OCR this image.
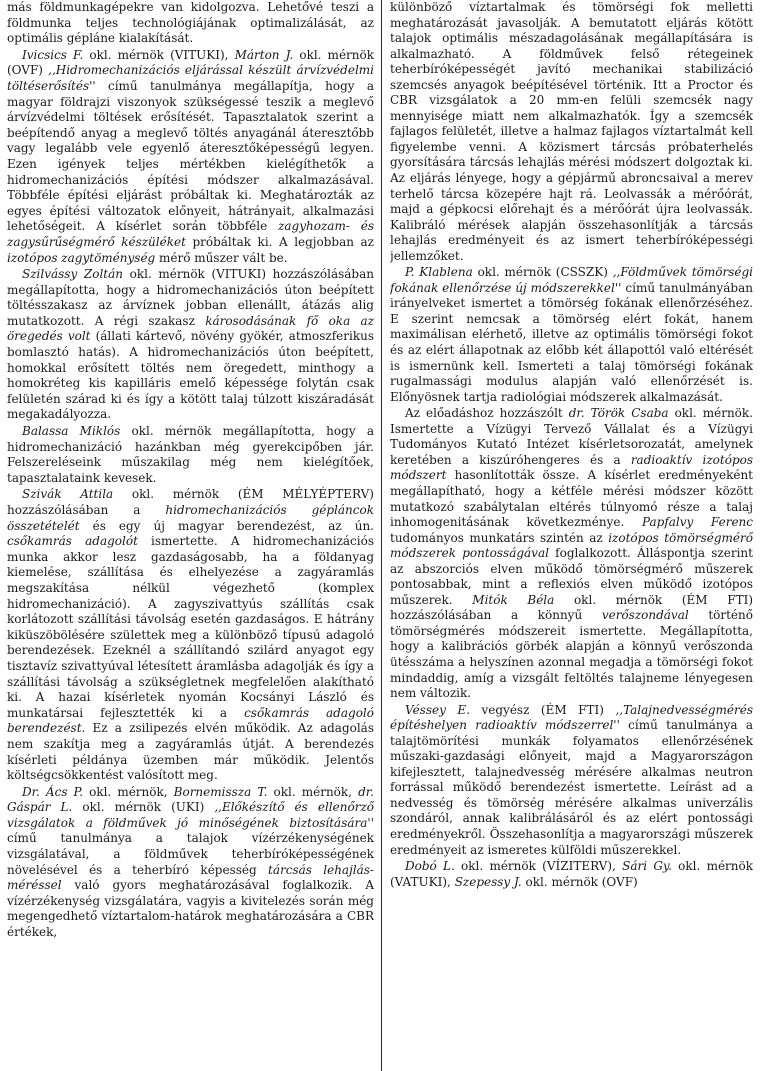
más földmunkagépekre van kidolgozva. Lehetővé teszi a földmunka teljes technológiájának optimalizálását, az optimális gépláne kialakítását.

Ivicsics F. okl. mérnök (VITUKI), Márton J. okl. mérnök (OVF) ,,Hidromechanizációs eljárással készült árvízvédelmi töltéserősítés'' című tanulmánya megállapítja, hogy a magyar földrajzi viszonyok szükségessé teszik a meglevő árvízvédelmi töltések erősítését. Tapasztalatok szerint a beépítendő anyag a meglevő töltés anyagánál áteresztőbb vagy legalább vele egyenlő áteresztőképességű legyen. Ezen igények teljes mértékben kielégíthetők a hidromechanizációs építési módszer alkalmazásával. Többféle építési eljárást próbáltak ki. Meghatározták az egyes építési változatok előnyeit, hátrányait, alkalmazási lehetőségeit. A kísérlet során többféle zagyhozam- és zagysűrűségmérő készüléket próbáltak ki. A legjobban az izotópos zagytöménység mérő műszer vált be.

Szilvássy Zoltán okl. mérnök (VITUKI) hozzászólásában megállapította, hogy a hidromechanizációs úton beépített töltésszakasz az árvíznek jobban ellenállt, átázás alig mutatkozott. A régi szakasz károsodásának fő oka az öregedés volt (állati kártevő, növény gyökér, atmoszferikus bomlasztó hatás). A hidromechanizációs úton beépített, homokkal erősített töltés nem öregedett, minthogy a homokréteg kis kapilláris emelő képessége folytán csak felületén szárad ki és így a kötött talaj túlzott kiszáradását megakadályozza.

Balassa Miklós okl. mérnök megállapította, hogy a hidromechanizáció hazánkban még gyerekcipőben jár. Felszereléseink műszakilag még nem kielégítőek, tapasztalataink kevesek.

Szivák Attila okl. mérnök (ÉM MÉLYÉPTERV) hozzászólásában a hidromechanizációs gépláncok összetételét és egy új magyar berendezést, az ún. csőkamrás adagolót ismertette. A hidromechanizációs munka akkor lesz gazdaságosabb, ha a földanyag kiemelése, szállítása és elhelyezése a zagyáramlás megszakítása nélkül végezhető (komplex hidromechanizáció). A zagyszivattyús szállítás csak korlátozott szállítási távolság esetén gazdaságos. E hátrány kiküszöbölésére születtek meg a különböző típusú adagoló berendezések. Ezeknél a szállítandó szilárd anyagot egy tisztavíz szivattyúval létesített áramlásba adagolják és így a szállítási távolság a szükségletnek megfelelően alakítható ki. A hazai kísérletek nyomán Kocsányi László és munkatársai fejlesztették ki a csőkamrás adagoló berendezést. Ez a zsilipezés elvén működik. Az adagolás nem szakítja meg a zagyáramlás útját. A berendezés kísérleti példánya üzemben már működik. Jelentős költségcsökkentést valósított meg.

Dr. Ács P. okl. mérnök, Bornemissza T. okl. mérnök, dr. Gáspár L. okl. mérnök (UKI) ,,Előkészítő és ellenőrző vizsgálatok a földművek jó minőségének biztosítására'' című tanulmánya a talajok vízérzékenységének vizsgálatával, a földművek teherbíróképességének növelésével és a teherbíró képesség tárcsás lehajlás-méréssel való gyors meghatározásával foglalkozik. A vízérzékenység vizsgálatára, vagyis a kivitelezés során még megengedhető víztartalom-határok meghatározására a CBR értékek,

különböző víztartalmak és tömörségi fok melletti meghatározását javasolják. A bemutatott eljárás kötött talajok optimális mészadagolásának megállapítására is alkalmazható. A földművek felső rétegeinek teherbíróképességét javító mechanikai stabilizáció szemcsés anyagok beépítésével történik. Itt a Proctor és CBR vizsgálatok a 20 mm-en felüli szemcsék nagy mennyisége miatt nem alkalmazhatók. Így a szemcsék fajlagos felületét, illetve a halmaz fajlagos víztartalmát kell figyelembe venni. A közismert tárcsás próbaterhelés gyorsítására tárcsás lehajlás mérési módszert dolgoztak ki. Az eljárás lényege, hogy a gépjármű abroncsaival a merev terhelő tárcsa közepére hajt rá. Leolvassák a mérőórát, majd a gépkocsi előrehajt és a mérőórát újra leolvassák. Kalibráló mérések alapján összehasonlítják a tárcsás lehajlás eredményeit és az ismert teherbíróképességi jellemzőket.

P. Klablena okl. mérnök (CSSZK) ,,Földművek tömörségi fokának ellenőrzése új módszerekkel'' című tanulmányában irányelveket ismertet a tömörség fokának ellenőrzéséhez. E szerint nemcsak a tömörség elért fokát, hanem maximálisan elérhető, illetve az optimális tömörségi fokot és az elért állapotnak az előbb két állapottól való eltérését is ismernünk kell. Ismerteti a talaj tömörségi fokának rugalmassági modulus alapján való ellenőrzését is. Előnyösnek tartja radiológiai módszerek alkalmazását.

Az előadáshoz hozzászólt dr. Török Csaba okl. mérnök. Ismertette a Vízügyi Tervező Vállalat és a Vízügyi Tudományos Kutató Intézet kísérletsorozatát, amelynek keretében a kiszúróhengeres és a radioaktív izotópos módszert hasonlították össze. A kísérlet eredményeként megállapítható, hogy a kétféle mérési módszer között mutatkozó szabálytalan eltérés túlnyomó része a talaj inhomogenitásának következménye. Papfalvy Ferenc tudományos munkatárs szintén az izotópos tömörségmérő módszerek pontosságával foglalkozott. Álláspontja szerint az abszorciós elven működő tömörségmérő műszerek pontosabbak, mint a reflexiós elven működő izotópos műszerek. Mitók Béla okl. mérnök (ÉM FTI) hozzászólásában a könnyű verőszondával történő tömörségmérés módszereit ismertette. Megállapította, hogy a kalibrációs görbék alapján a könnyű verőszonda ütésszáma a helyszínen azonnal megadja a tömörségi fokot mindaddig, amíg a vizsgált feltöltés talajneme lényegesen nem változik.

Véssey E. vegyész (ÉM FTI) ,,Talajnedvességmérés építéshelyen radioaktív módszerrel'' című tanulmánya a talajtömörítési munkák folyamatos ellenőrzésének műszaki-gazdasági előnyeit, majd a Magyarországon kifejlesztett, talajnedvesség mérésére alkalmas neutron forrással működő berendezést ismertette. Leírást ad a nedvesség és tömörség mérésére alkalmas univerzális szondáról, annak kalibrálásáról és az elért pontossági eredményekről. Összehasonlítja a magyarországi műszerek eredményeit az ismeretes külföldi műszerekkel.

Dobó L. okl. mérnök (VÍZITERV), Sári Gy. okl. mérnök (VATUKI), Szepessy J. okl. mérnök (OVF)
